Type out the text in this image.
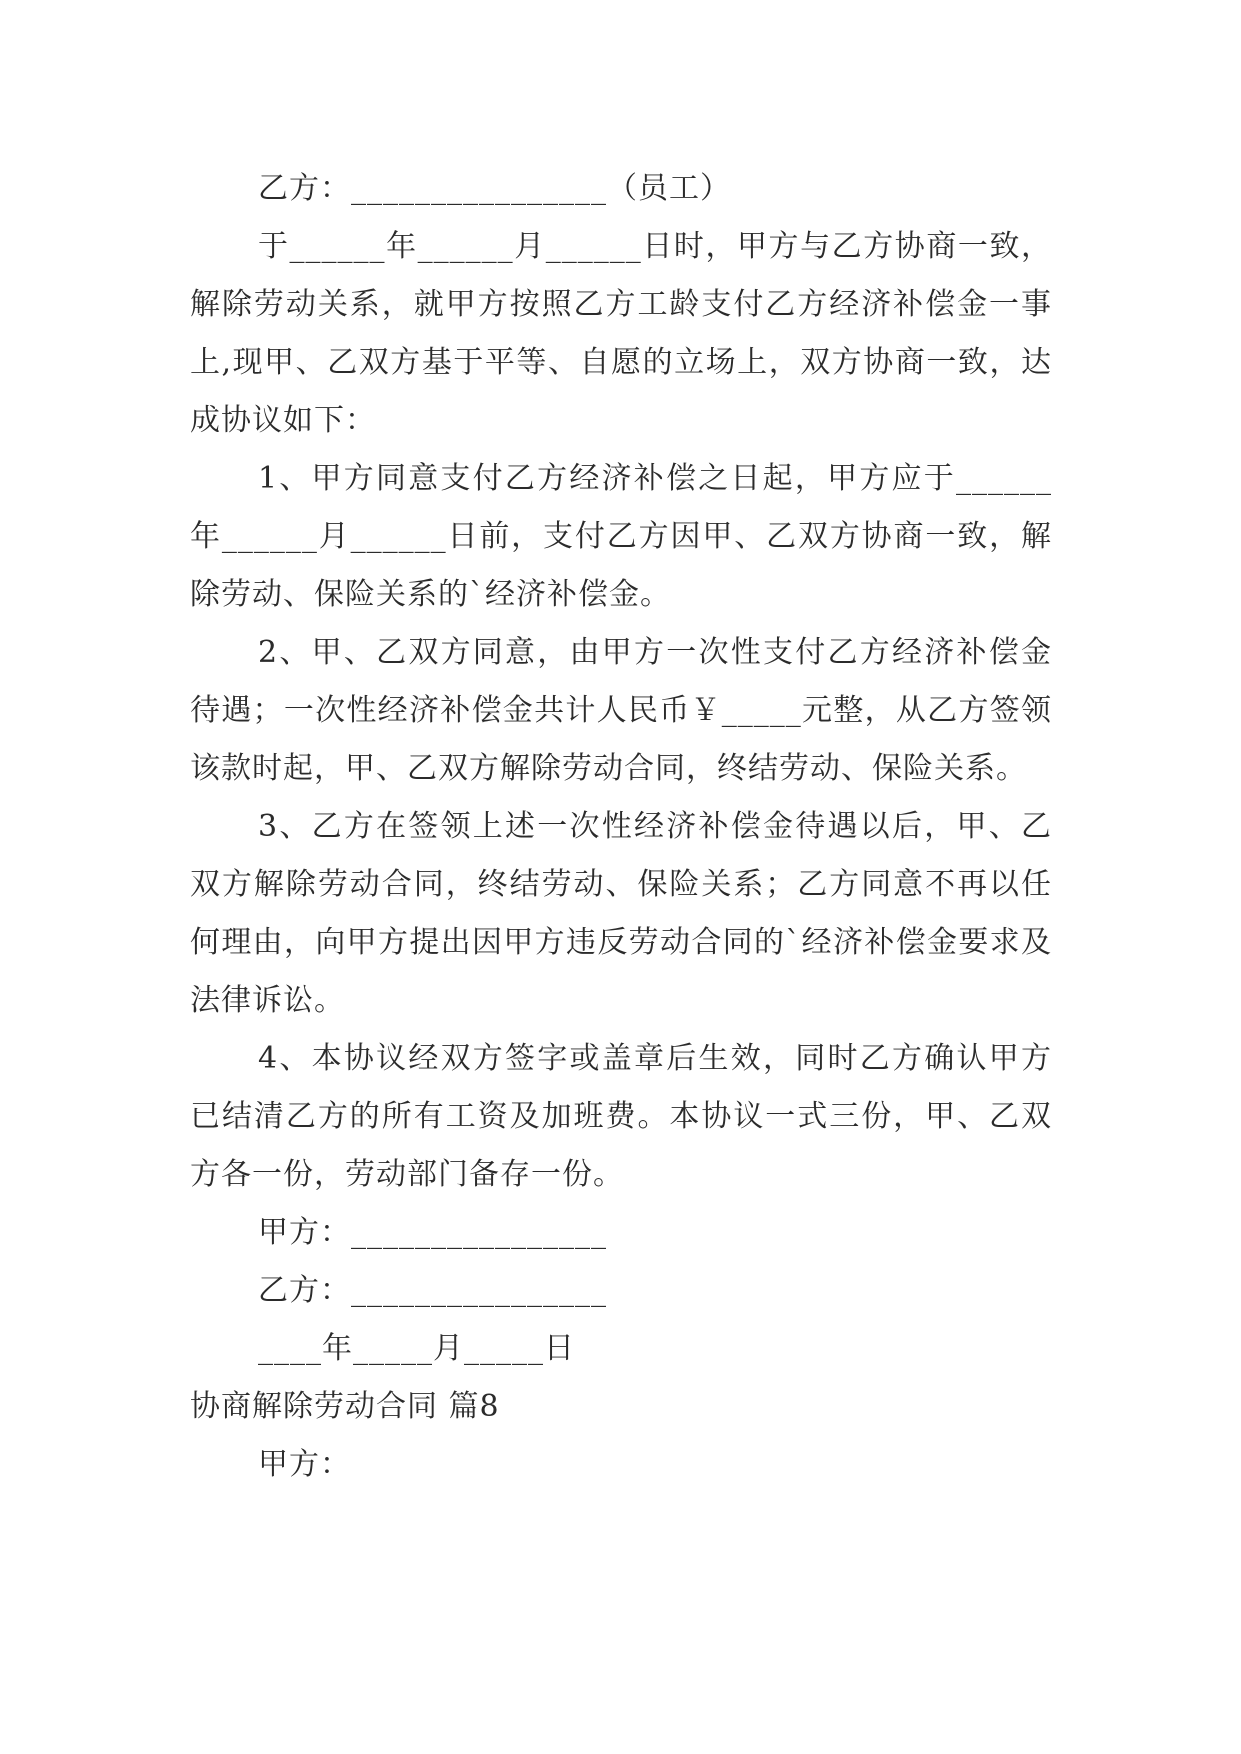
乙方：________________（员工）

于______年______月______日时，甲方与乙方协商一致，解除劳动关系，就甲方按照乙方工龄支付乙方经济补偿金一事上,现甲、乙双方基于平等、自愿的立场上，双方协商一致，达成协议如下：

1、甲方同意支付乙方经济补偿之日起，甲方应于______年______月______日前，支付乙方因甲、乙双方协商一致，解除劳动、保险关系的`经济补偿金。

2、甲、乙双方同意，由甲方一次性支付乙方经济补偿金待遇；一次性经济补偿金共计人民币￥_____元整，从乙方签领该款时起，甲、乙双方解除劳动合同，终结劳动、保险关系。

3、乙方在签领上述一次性经济补偿金待遇以后，甲、乙双方解除劳动合同，终结劳动、保险关系；乙方同意不再以任何理由，向甲方提出因甲方违反劳动合同的`经济补偿金要求及法律诉讼。

4、本协议经双方签字或盖章后生效，同时乙方确认甲方已结清乙方的所有工资及加班费。本协议一式三份，甲、乙双方各一份，劳动部门备存一份。

甲方：________________

乙方：________________

____年_____月_____日

协商解除劳动合同 篇8

甲方：
